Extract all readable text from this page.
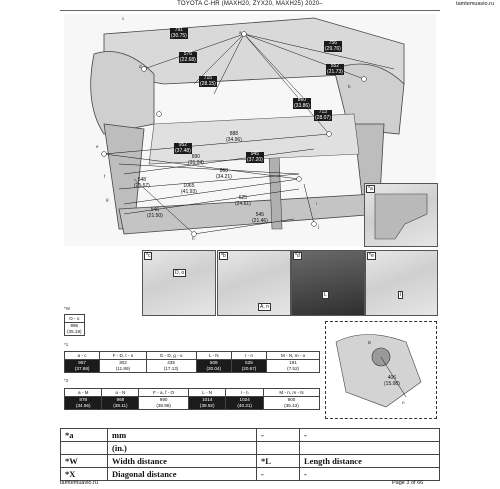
TOYOTA C-HR (MAXH20, ZYX20, MAXH25) 2020–	tamtemuavio.ru
791
(30.75)
576
(22.68)
756
(29.76)
552
(21.73)
715
(28.15)
860
(33.86)
713
(28.07)
888
(34.96)
952
(37.48)
945
(37.20)
890
(35.04)
868
(34.21)
548
(21.57)	1065
(41.93)
625
(24.61)
546
(21.50)	545
(21.46)
a
b
c
d
e
f
g
h
i
j
*a
*c
D, o
*b
A, n
*d
L
*e
I
*W
O - o
895
(35.19)
*1
a - c	F - D, t - o	G - D, g - o	L - N	I - n	M - N, m - o
957
(37.68)	302
(11.89)	435
(17.13)	509
(20.04)	525
(20.67)	191
(7.52)
*2
a - M	a - N	F - a, f - O	L - N	I - n	M - n, m - N
878
(34.56)	968
(38.11)	990
(38.98)	1014
(39.92)	1024
(40.31)	900
(35.43)
B
n
406
(15.98)
*a	mm	-	-
	(in.)		
*W	Width distance	*L	Length distance
*X	Diagonal distance	-	-
tamtemuavio.ru	Page 3 of 66
